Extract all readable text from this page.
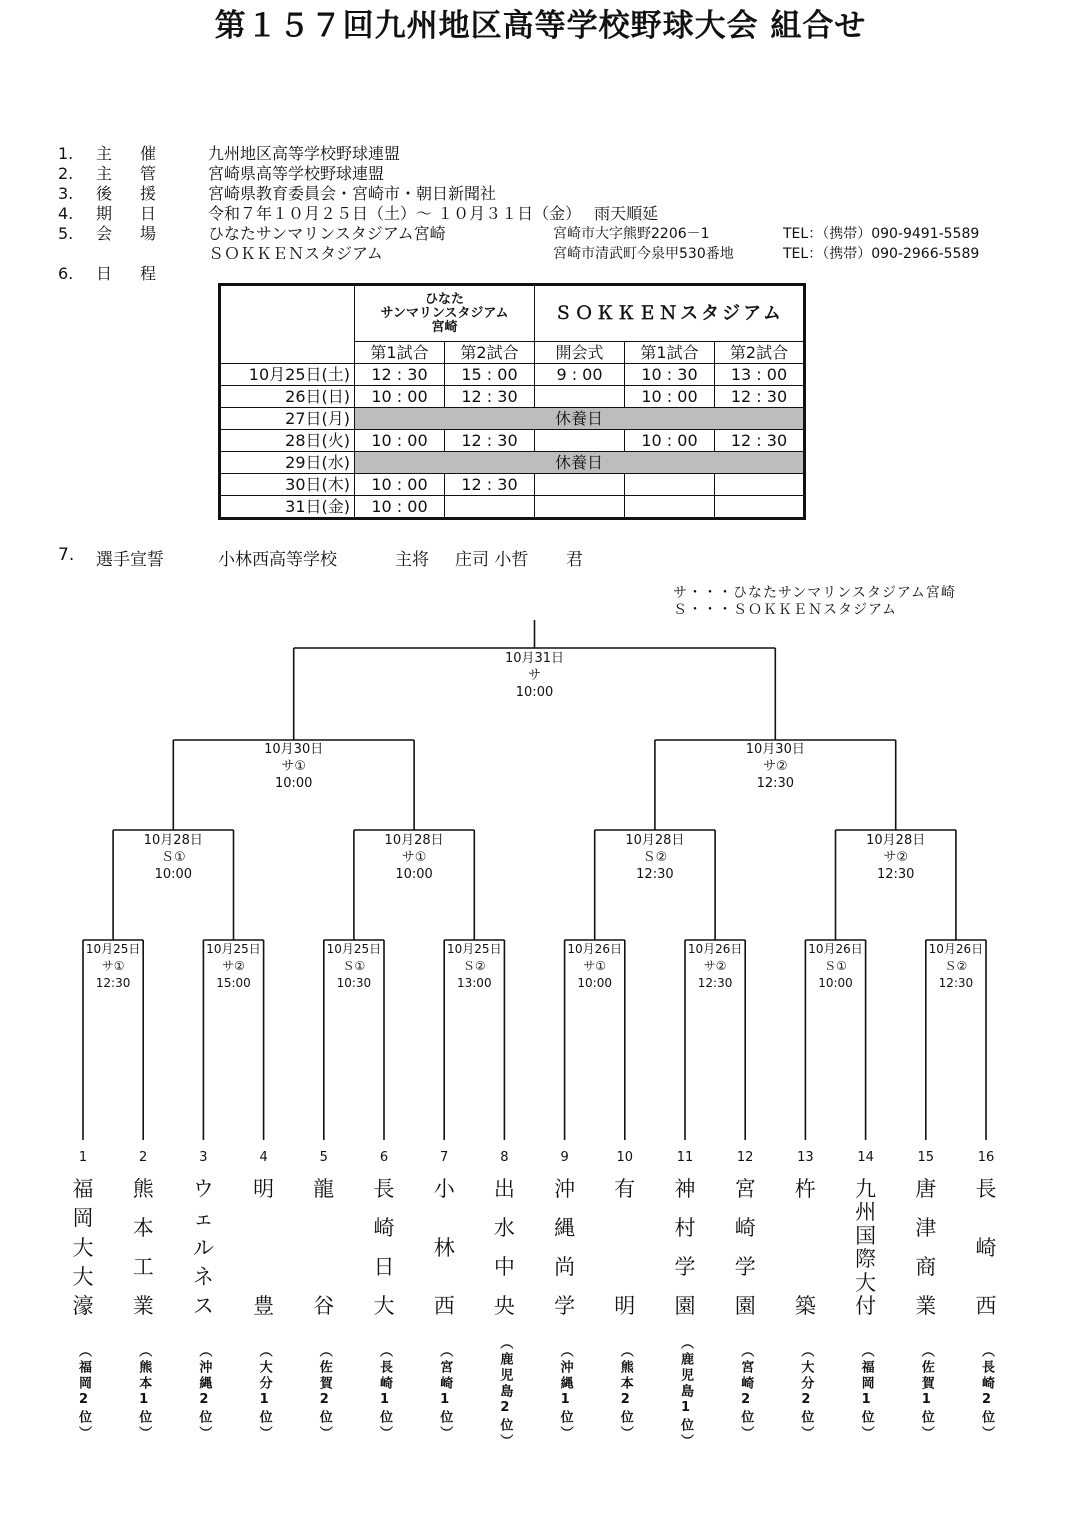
第１５７回九州地区高等学校野球大会 組合せ
1.	主催	九州地区高等学校野球連盟
2.	主管	宮崎県高等学校野球連盟
3.	後援	宮崎県教育委員会・宮崎市・朝日新聞社
4.	期日	令和７年１０月２５日（土）～ １０月３１日（金）　 雨天順延
5.	会場	ひなたサンマリンスタジアム宮崎
ＳＯＫＫＥＮスタジアム
6.	日程
宮崎市大字熊野2206－1	TEL：（携帯）090-9491-5589
宮崎市清武町今泉甲530番地	TEL：（携帯）090-2966-5589

	ひなた
サンマリンスタジアム
宮崎		ＳＯＫＫＥＮスタジアム		
	第1試合	第2試合	開会式	第1試合	第2試合
10月25日(土)	12 : 30	15 : 00	9 : 00	10 : 30	13 : 00
26日(日)	10 : 00	12 : 30		10 : 00	12 : 30
27日(月)	休養日				
28日(火)	10 : 00	12 : 30		10 : 00	12 : 30
29日(水)	休養日				
30日(木)	10 : 00	12 : 30			
31日(金)	10 : 00				
7. 選手宣誓	小林西高等学校	主将 庄司 小哲 君
サ・・・ひなたサンマリンスタジアム宮崎
Ｓ・・・ＳＯＫＫＥＮスタジアム
10月31日
サ
10:00
10月30日
サ①
10:00
10月30日
サ②
12:30
10月28日
Ｓ①
10:00
10月28日
サ①
10:00
10月28日
Ｓ②
12:30
10月28日
サ②
12:30
10月25日
サ①
12:30
10月25日
サ②
15:00
10月25日
Ｓ①
10:30
10月25日
Ｓ②
13:00
10月26日
サ①
10:00
10月26日
サ②
12:30
10月26日
Ｓ①
10:00
10月26日
Ｓ②
12:30
1
福
岡
大
大
濠
（福岡2位）
2
熊
本
工
業
（熊本1位）
3
ウ
ェ
ル
ネ
ス
（沖縄2位）
4
明
豊
（大分1位）
5
龍
谷
（佐賀2位）
6
長
崎
日
大
（長崎1位）
7
小
林
西
（宮崎1位）
8
出
水
中
央
（鹿児島2位）
9
沖
縄
尚
学
（沖縄1位）
10
有
明
（熊本2位）
11
神
村
学
園
（鹿児島1位）
12
宮
崎
学
園
（宮崎2位）
13
杵
築
（大分2位）
14
九
州
国
際
大
付
（福岡1位）
15
唐
津
商
業
（佐賀1位）
16
長
崎
西
（長崎2位）
